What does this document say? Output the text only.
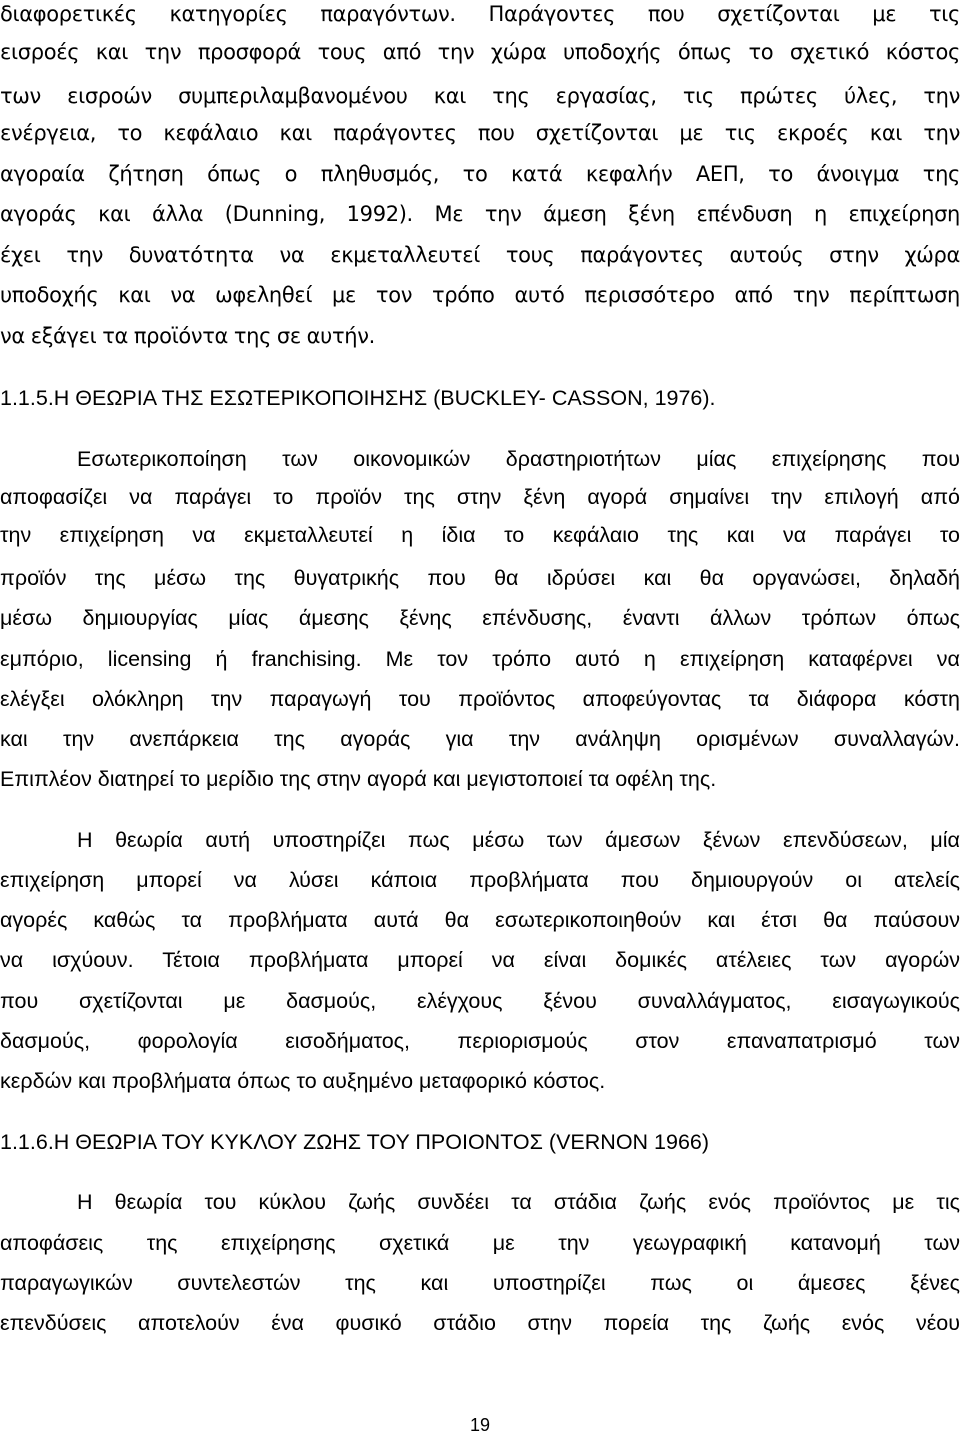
διαφορετικές κατηγορίες παραγόντων. Παράγοντες που σχετίζονται με τις
εισροές και την προσφορά τους από την χώρα υποδοχής όπως το σχετικό κόστος
των εισροών συμπεριλαμβανομένου και της εργασίας, τις πρώτες ύλες, την
ενέργεια, το κεφάλαιο και παράγοντες που σχετίζονται με τις εκροές και την
αγοραία ζήτηση όπως ο πληθυσμός, το κατά κεφαλήν ΑΕΠ, το άνοιγμα της
αγοράς και άλλα (Dunning, 1992). Με την άμεση ξένη επένδυση η επιχείρηση
έχει την δυνατότητα να εκμεταλλευτεί τους παράγοντες αυτούς στην χώρα
υποδοχής και να ωφεληθεί με τον τρόπο αυτό περισσότερο από την περίπτωση
να εξάγει τα προϊόντα της σε αυτήν.
1.1.5.Η ΘΕΩΡΙΑ ΤΗΣ ΕΣΩΤΕΡΙΚΟΠΟΙΗΣΗΣ (BUCKLEY- CASSON, 1976).
Εσωτερικοποίηση των οικονομικών δραστηριοτήτων μίας επιχείρησης που
αποφασίζει να παράγει το προϊόν της στην ξένη αγορά σημαίνει την επιλογή από
την επιχείρηση να εκμεταλλευτεί η ίδια το κεφάλαιο της και να παράγει το
προϊόν της μέσω της θυγατρικής που θα ιδρύσει και θα οργανώσει, δηλαδή
μέσω δημιουργίας μίας άμεσης ξένης επένδυσης, έναντι άλλων τρόπων όπως
εμπόριο, licensing ή franchising. Με τον τρόπο αυτό η επιχείρηση καταφέρνει να
ελέγξει ολόκληρη την παραγωγή του προϊόντος αποφεύγοντας τα διάφορα κόστη
και την ανεπάρκεια της αγοράς για την ανάληψη ορισμένων συναλλαγών.
Επιπλέον διατηρεί το μερίδιο της στην αγορά και μεγιστοποιεί τα οφέλη της.
Η θεωρία αυτή υποστηρίζει πως μέσω των άμεσων ξένων επενδύσεων, μία
επιχείρηση μπορεί να λύσει κάποια προβλήματα που δημιουργούν οι ατελείς
αγορές καθώς τα προβλήματα αυτά θα εσωτερικοποιηθούν και έτσι θα παύσουν
να ισχύουν. Τέτοια προβλήματα μπορεί να είναι δομικές ατέλειες των αγορών
που σχετίζονται με δασμούς, ελέγχους ξένου συναλλάγματος, εισαγωγικούς
δασμούς, φορολογία εισοδήματος, περιορισμούς στον επαναπατρισμό των
κερδών και προβλήματα όπως το αυξημένο μεταφορικό κόστος.
1.1.6.Η ΘΕΩΡΙΑ ΤΟΥ ΚΥΚΛΟΥ ΖΩΗΣ ΤΟΥ ΠΡΟΙΟΝΤΟΣ (VERNON 1966)
Η θεωρία του κύκλου ζωής συνδέει τα στάδια ζωής ενός προϊόντος με τις
αποφάσεις της επιχείρησης σχετικά με την γεωγραφική κατανομή των
παραγωγικών συντελεστών της και υποστηρίζει πως οι άμεσες ξένες
επενδύσεις αποτελούν ένα φυσικό στάδιο στην πορεία της ζωής ενός νέου
19
